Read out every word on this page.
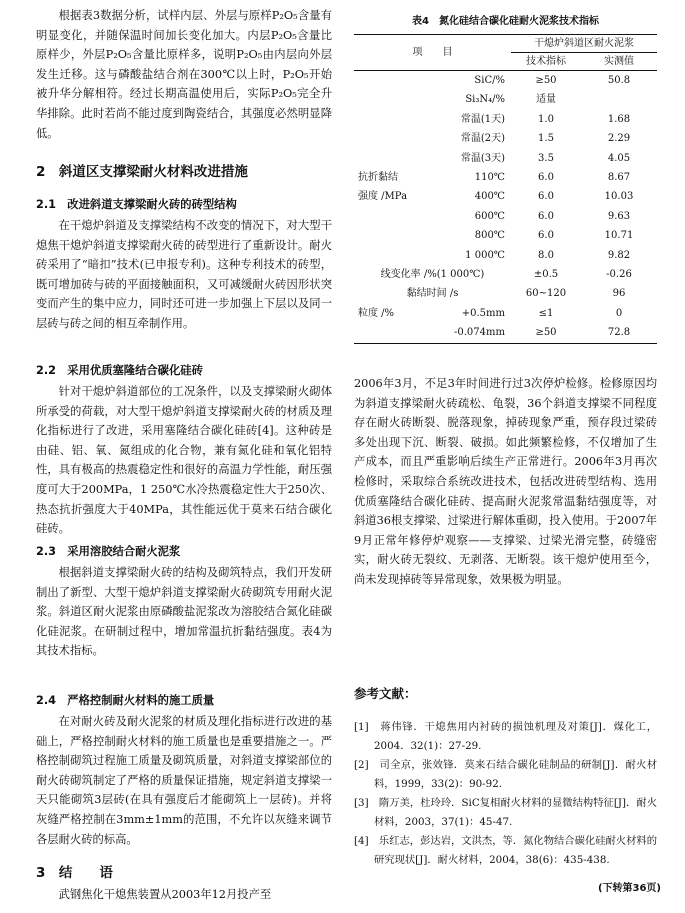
根据表3数据分析，试样内层、外层与原样P₂O₅含量有明显变化，并随保温时间加长变化加大。内层P₂O₅含量比原样少，外层P₂O₅含量比原样多，说明P₂O₅由内层向外层发生迁移。这与磷酸盐结合剂在300℃以上时，P₂O₅开始被升华分解相符。经过长期高温使用后，实际P₂O₅完全升华排除。此时若尚不能过度到陶瓷结合，其强度必然明显降低。

2　斜道区支撑梁耐火材料改进措施

2.1　改进斜道支撑梁耐火砖的砖型结构

在干熄炉斜道及支撑梁结构不改变的情况下，对大型干熄焦干熄炉斜道支撑梁耐火砖的砖型进行了重新设计。耐火砖采用了“暗扣”技术(已申报专利)。这种专利技术的砖型，既可增加砖与砖的平面接触面积，又可减缓耐火砖因形状突变而产生的集中应力，同时还可进一步加强上下层以及同一层砖与砖之间的相互牵制作用。

2.2　采用优质塞隆结合碳化硅砖

针对干熄炉斜道部位的工况条件，以及支撑梁耐火砌体所承受的荷载，对大型干熄炉斜道支撑梁耐火砖的材质及理化指标进行了改进，采用塞隆结合碳化硅砖[4]。这种砖是由硅、铝、氧、氮组成的化合物，兼有氮化硅和氧化铝特性，具有极高的热震稳定性和很好的高温力学性能，耐压强度可大于200MPa，1 250℃水冷热震稳定性大于250次、热态抗折强度大于40MPa，其性能远优于莫来石结合碳化硅砖。

2.3　采用溶胶结合耐火泥浆

根据斜道支撑梁耐火砖的结构及砌筑特点，我们开发研制出了新型、大型干熄炉斜道支撑梁耐火砖砌筑专用耐火泥浆。斜道区耐火泥浆由原磷酸盐泥浆改为溶胶结合氮化硅碳化硅泥浆。在研制过程中，增加常温抗折黏结强度。表4为其技术指标。

2.4　严格控制耐火材料的施工质量

在对耐火砖及耐火泥浆的材质及理化指标进行改进的基础上，严格控制耐火材料的施工质量也是重要措施之一。严格控制砌筑过程施工质量及砌筑质量，对斜道支撑梁部位的耐火砖砌筑制定了严格的质量保证措施，规定斜道支撑梁一天只能砌筑3层砖(在具有强度后才能砌筑上一层砖)。并将灰缝严格控制在3mm±1mm的范围，不允许以灰缝来调节各层耐火砖的标高。

3　结　　语

武钢焦化干熄焦装置从2003年12月投产至

表4　氮化硅结合碳化硅耐火泥浆技术指标
项　　目		干熄炉斜道区耐火泥浆	
		技术指标	实测值
	SiC/%	≥50	50.8
	Si₃N₄/%	适量	
	常温(1天)	1.0	1.68
	常温(2天)	1.5	2.29
	常温(3天)	3.5	4.05
抗折黏结	110℃	6.0	8.67
强度 /MPa	400℃	6.0	10.03
	600℃	6.0	9.63
	800℃	6.0	10.71
	1 000℃	8.0	9.82
线变化率 /%(1 000℃)		±0.5	-0.26
黏结时间 /s		60~120	96
粒度 /%	+0.5mm	≤1	0
	-0.074mm	≥50	72.8

2006年3月，不足3年时间进行过3次停炉检修。检修原因均为斜道支撑梁耐火砖疏松、龟裂，36个斜道支撑梁不同程度存在耐火砖断裂、脱落现象，掉砖现象严重，预存段过梁砖多处出现下沉、断裂、破损。如此频繁检修，不仅增加了生产成本，而且严重影响后续生产正常进行。2006年3月再次检修时，采取综合系统改进技术，包括改进砖型结构、选用优质塞隆结合碳化硅砖、提高耐火泥浆常温黏结强度等，对斜道36根支撑梁、过梁进行解体重砌，投入使用。于2007年9月正常年修停炉观察——支撑梁、过梁光滑完整，砖缝密实，耐火砖无裂纹、无剥落、无断裂。该干熄炉使用至今，尚未发现掉砖等异常现象，效果极为明显。

参考文献：

[1]　蒋伟锋．干熄焦用内衬砖的损蚀机理及对策[J]．煤化工，2004．32(1)：27-29.

[2]　司全京，张效锋．莫来石结合碳化硅制品的研制[J]．耐火材料，1999，33(2)：90-92.

[3]　隋万美，杜玲玲．SiC复相耐火材料的显微结构特征[J]．耐火材料，2003，37(1)：45-47.

[4]　乐红志，彭达岩，文洪杰，等．氮化物结合碳化硅耐火材料的研究现状[J]．耐火材料，2004，38(6)：435-438.

(下转第36页)
